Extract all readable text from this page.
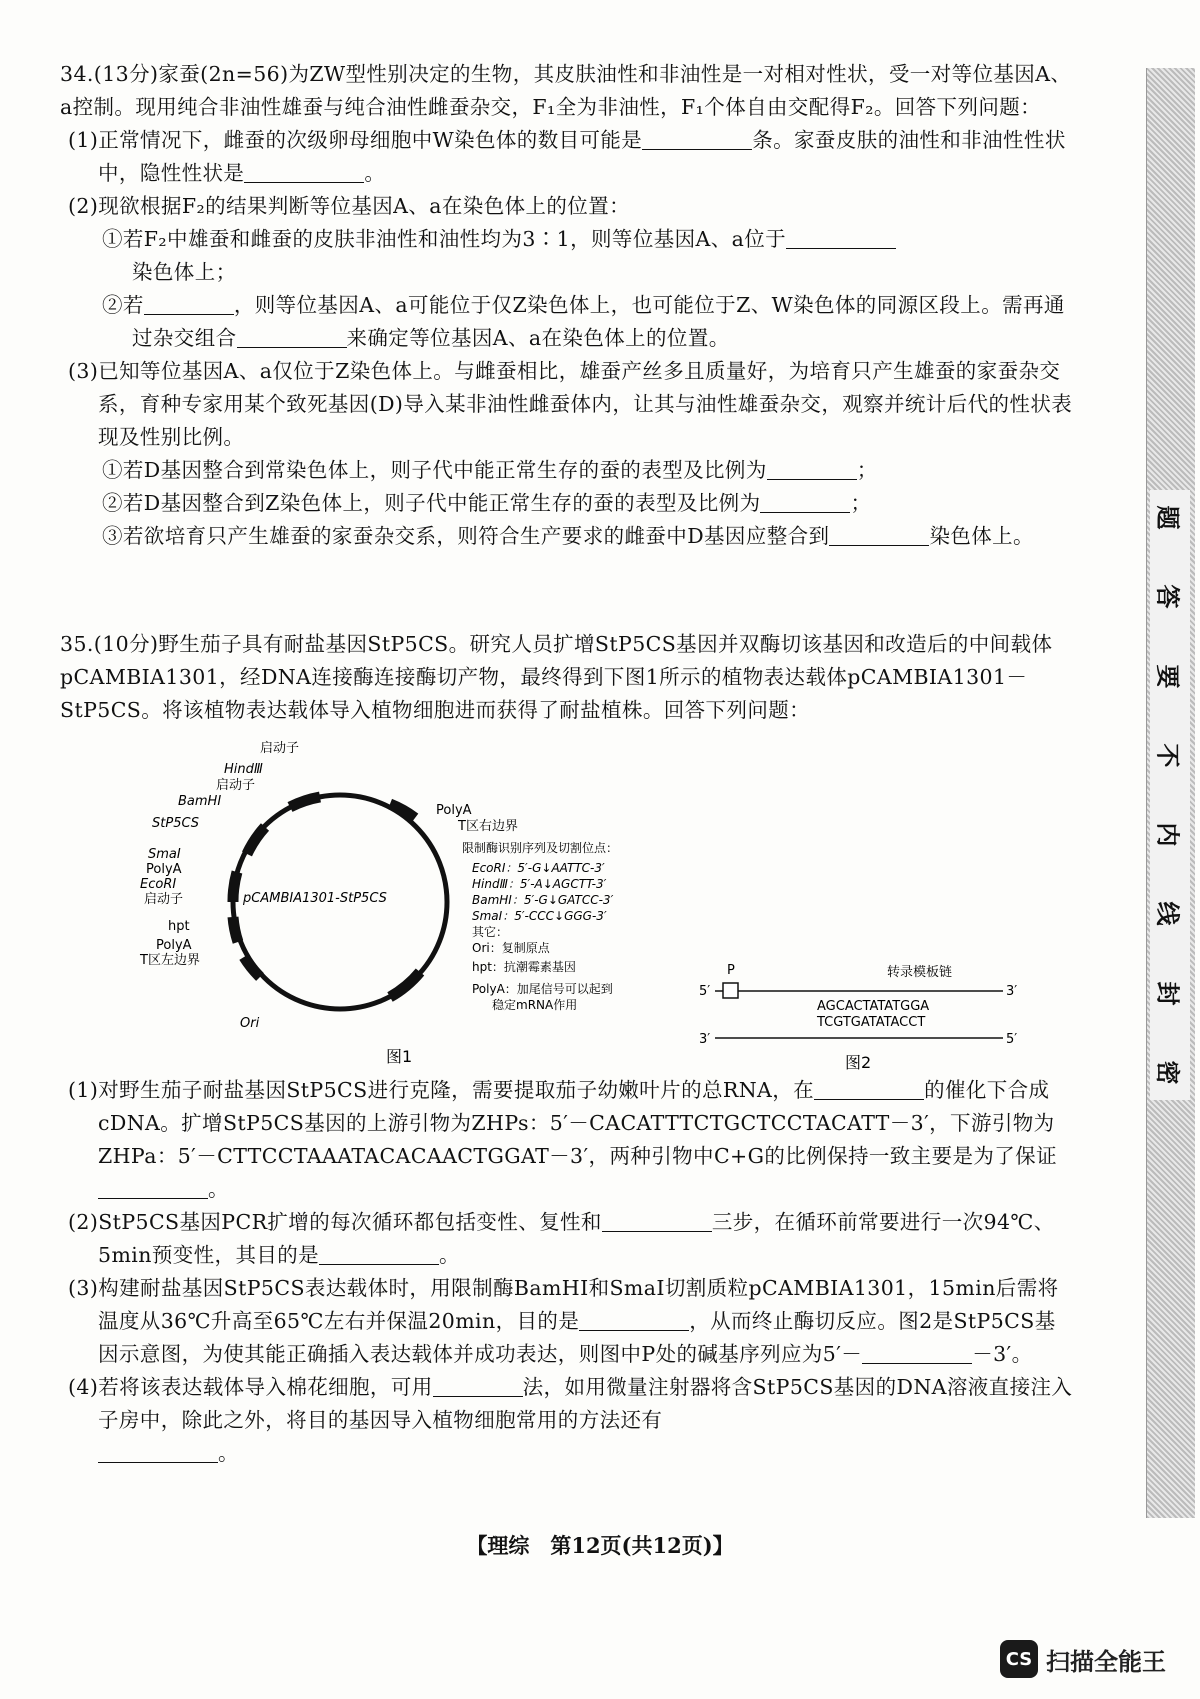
34.(13分)家蚕(2n=56)为ZW型性别决定的生物，其皮肤油性和非油性是一对相对性状，受一对等位基因A、a控制。现用纯合非油性雄蚕与纯合油性雌蚕杂交，F₁全为非油性，F₁个体自由交配得F₂。回答下列问题：

(1)正常情况下，雌蚕的次级卵母细胞中W染色体的数目可能是	条。家蚕皮肤的油性和非油性性状中，隐性性状是	。

(2)现欲根据F₂的结果判断等位基因A、a在染色体上的位置：

①若F₂中雄蚕和雌蚕的皮肤非油性和油性均为3∶1，则等位基因A、a位于

染色体上；

②若	，则等位基因A、a可能位于仅Z染色体上，也可能位于Z、W染色体的同源区段上。需再通过杂交组合	来确定等位基因A、a在染色体上的位置。

(3)已知等位基因A、a仅位于Z染色体上。与雌蚕相比，雄蚕产丝多且质量好，为培育只产生雄蚕的家蚕杂交系，育种专家用某个致死基因(D)导入某非油性雌蚕体内，让其与油性雄蚕杂交，观察并统计后代的性状表现及性别比例。

①若D基因整合到常染色体上，则子代中能正常生存的蚕的表型及比例为	；

②若D基因整合到Z染色体上，则子代中能正常生存的蚕的表型及比例为	；

③若欲培育只产生雄蚕的家蚕杂交系，则符合生产要求的雌蚕中D基因应整合到	染色体上。

35.(10分)野生茄子具有耐盐基因StP5CS。研究人员扩增StP5CS基因并双酶切该基因和改造后的中间载体pCAMBIA1301，经DNA连接酶连接酶切产物，最终得到下图1所示的植物表达载体pCAMBIA1301－StP5CS。将该植物表达载体导入植物细胞进而获得了耐盐植株。回答下列问题：

pCAMBIA1301-StP5CS
启动子
HindⅢ
启动子
BamHⅠ
StP5CS
SmaⅠ
PolyA
EcoRⅠ
启动子
hpt
PolyA
T区左边界
Ori
PolyA
T区右边界
限制酶识别序列及切割位点：
EcoRⅠ：5′-G↓AATTC-3′
HindⅢ：5′-A↓AGCTT-3′
BamHⅠ：5′-G↓GATCC-3′
SmaⅠ：5′-CCC↓GGG-3′
其它：
Ori：复制原点
hpt：抗潮霉素基因
PolyA：加尾信号可以起到
稳定mRNA作用
图1
P	转录模板链
5′	3′
AGCACTATATGGA
TCGTGATATACCT
3′	5′
图2

(1)对野生茄子耐盐基因StP5CS进行克隆，需要提取茄子幼嫩叶片的总RNA，在	的催化下合成cDNA。扩增StP5CS基因的上游引物为ZHPs：5′－CACATTTCTGCTCCTACATT－3′，下游引物为ZHPa：5′－CTTCCTAAATACACAACTGGAT－3′，两种引物中C+G的比例保持一致主要是为了保证。

(2)StP5CS基因PCR扩增的每次循环都包括变性、复性和	三步，在循环前常要进行一次94℃、5min预变性，其目的是	。

(3)构建耐盐基因StP5CS表达载体时，用限制酶BamHⅠ和SmaⅠ切割质粒pCAMBIA1301，15min后需将温度从36℃升高至65℃左右并保温20min，目的是	，从而终止酶切反应。图2是StP5CS基因示意图，为使其能正确插入表达载体并成功表达，则图中P处的碱基序列应为5′－	－3′。

(4)若将该表达载体导入棉花细胞，可用	法，如用微量注射器将含StP5CS基因的DNA溶液直接注入子房中，除此之外，将目的基因导入植物细胞常用的方法还有

。

题
答
要
不
内
线
封
密
【理综　第12页(共12页)】
CS 扫描全能王
